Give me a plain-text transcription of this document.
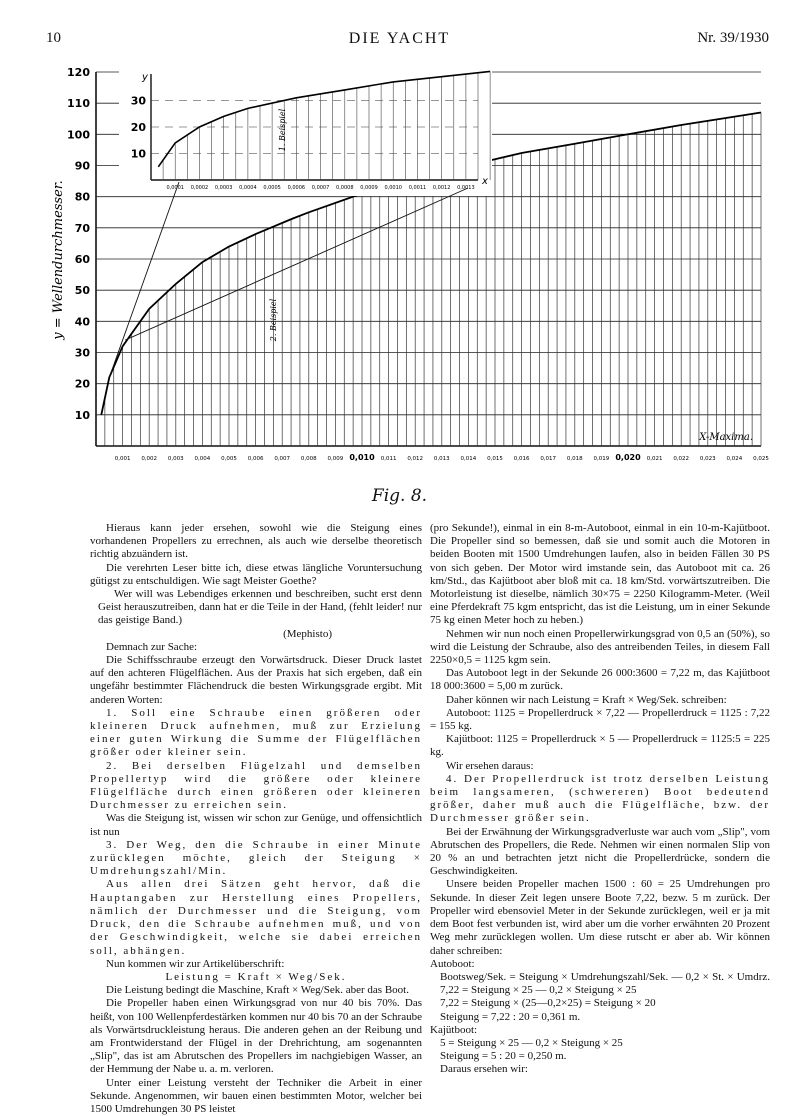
10	DIE YACHT	Nr. 39/1930
10
20
30
40
50
60
70
80
90
100
110
120
0,001 0,002 0,003 0,004 0,005 0,006 0,007 0,008 0,009 0,010 0,011 0,012 0,013 0,014 0,015 0,016 0,017 0,018 0,019 0,020 0,021 0,022 0,023 0,024 0,025
y = Wellendurchmesser.
X-Maxima.
2. Beispiel
y
x
10
20
30
0,0001 0,0002 0,0003 0,0004 0,0005 0,0006 0,0007 0,0008 0,0009 0,0010 0,0011 0,0012 0,0013
1. Beispiel
Fig. 8.

Hieraus kann jeder ersehen, sowohl wie die Steigung eines vorhandenen Propellers zu errechnen, als auch wie derselbe theoretisch richtig abzuändern ist.

Die verehrten Leser bitte ich, diese etwas längliche Voruntersuchung gütigst zu entschuldigen. Wie sagt Meister Goethe?

Wer will was Lebendiges erkennen und beschreiben, sucht erst denn Geist herauszutreiben, dann hat er die Teile in der Hand, (fehlt leider! nur das geistige Band.)

(Mephisto)

Demnach zur Sache:

Die Schiffsschraube erzeugt den Vorwärtsdruck. Dieser Druck lastet auf den achteren Flügelflächen. Aus der Praxis hat sich ergeben, daß ein ungefähr bestimmter Flächendruck die besten Wirkungsgrade ergibt. Mit anderen Worten:

1. Soll eine Schraube einen größeren oder kleineren Druck aufnehmen, muß zur Erzielung einer guten Wirkung die Summe der Flügelflächen größer oder kleiner sein.

2. Bei derselben Flügelzahl und demselben Propellertyp wird die größere oder kleinere Flügelfläche durch einen größeren oder kleineren Durchmesser zu erreichen sein.

Was die Steigung ist, wissen wir schon zur Genüge, und offensichtlich ist nun

3. Der Weg, den die Schraube in einer Minute zurücklegen möchte, gleich der Steigung × Umdrehungszahl/Min.

Aus allen drei Sätzen geht hervor, daß die Hauptangaben zur Herstellung eines Propellers, nämlich der Durchmesser und die Steigung, vom Druck, den die Schraube aufnehmen muß, und von der Geschwindigkeit, welche sie dabei erreichen soll, abhängen.

Nun kommen wir zur Artikelüberschrift:

Leistung = Kraft × Weg/Sek.

Die Leistung bedingt die Maschine, Kraft × Weg/Sek. aber das Boot.

Die Propeller haben einen Wirkungsgrad von nur 40 bis 70%. Das heißt, von 100 Wellenpferdestärken kommen nur 40 bis 70 an der Schraube als Vorwärtsdruckleistung heraus. Die anderen gehen an der Reibung und am Frontwiderstand der Flügel in der Drehrichtung, am sogenannten „Slip", das ist am Abrutschen des Propellers im nachgiebigen Wasser, an der Hemmung der Nabe u. a. m. verloren.

Unter einer Leistung versteht der Techniker die Arbeit in einer Sekunde. Angenommen, wir bauen einen bestimmten Motor, welcher bei 1500 Umdrehungen 30 PS leistet

(pro Sekunde!), einmal in ein 8-m-Autoboot, einmal in ein 10-m-Kajütboot. Die Propeller sind so bemessen, daß sie und somit auch die Motoren in beiden Booten mit 1500 Umdrehungen laufen, also in beiden Fällen 30 PS von sich geben. Der Motor wird imstande sein, das Autoboot mit ca. 26 km/Std., das Kajütboot aber bloß mit ca. 18 km/Std. vorwärtszutreiben. Die Motorleistung ist dieselbe, nämlich 30×75 = 2250 Kilogramm-Meter. (Weil eine Pferdekraft 75 kgm entspricht, das ist die Leistung, um in einer Sekunde 75 kg einen Meter hoch zu heben.)

Nehmen wir nun noch einen Propellerwirkungsgrad von 0,5 an (50%), so wird die Leistung der Schraube, also des antreibenden Teiles, in diesem Fall 2250×0,5 = 1125 kgm sein.

Das Autoboot legt in der Sekunde 26 000:3600 = 7,22 m, das Kajütboot 18 000:3600 = 5,00 m zurück.

Daher können wir nach Leistung = Kraft × Weg/Sek. schreiben:

Autoboot: 1125 = Propellerdruck × 7,22 — Propellerdruck = 1125 : 7,22 = 155 kg.

Kajütboot: 1125 = Propellerdruck × 5 — Propellerdruck = 1125:5 = 225 kg.

Wir ersehen daraus:

4. Der Propellerdruck ist trotz derselben Leistung beim langsameren, (schwereren) Boot bedeutend größer, daher muß auch die Flügelfläche, bzw. der Durchmesser größer sein.

Bei der Erwähnung der Wirkungsgradverluste war auch vom „Slip", vom Abrutschen des Propellers, die Rede. Nehmen wir einen normalen Slip von 20 % an und betrachten jetzt nicht die Propellerdrücke, sondern die Geschwindigkeiten.

Unsere beiden Propeller machen 1500 : 60 = 25 Umdrehungen pro Sekunde. In dieser Zeit legen unsere Boote 7,22, bezw. 5 m zurück. Der Propeller wird ebensoviel Meter in der Sekunde zurücklegen, weil er ja mit dem Boot fest verbunden ist, wird aber um die vorher erwähnten 20 Prozent Weg mehr zurücklegen wollen. Um diese rutscht er aber ab. Wir können daher schreiben:

Autoboot:

Bootsweg/Sek. = Steigung × Umdrehungszahl/Sek. — 0,2 × St. × Umdrz. 7,22 = Steigung × 25 — 0,2 × Steigung × 25

7,22 = Steigung × (25—0,2×25) = Steigung × 20

Steigung = 7,22 : 20 = 0,361 m.

Kajütboot:

5 = Steigung × 25 — 0,2 × Steigung × 25

Steigung = 5 : 20 = 0,250 m.

Daraus ersehen wir:
